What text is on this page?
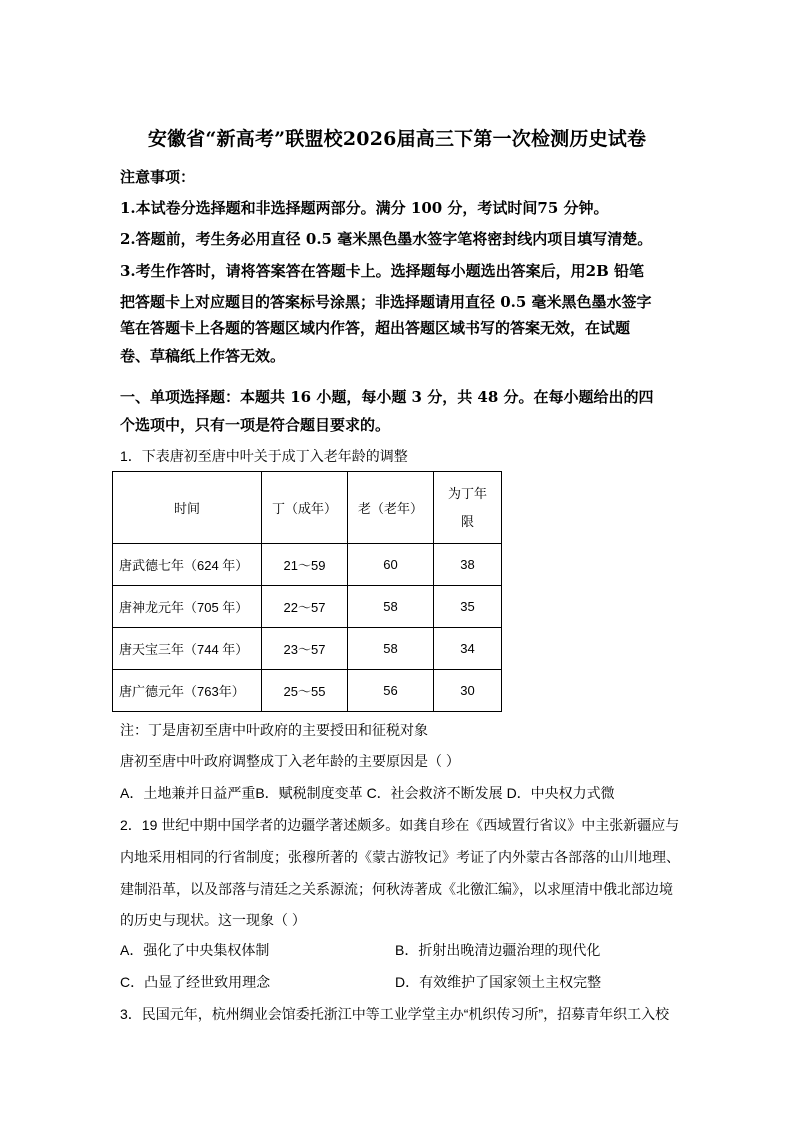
安徽省“新高考”联盟校2026届高三下第一次检测历史试卷
注意事项：
1.本试卷分选择题和非选择题两部分。满分 100 分，考试时间75 分钟。
2.答题前，考生务必用直径 0.5 毫米黑色墨水签字笔将密封线内项目填写清楚。
3.考生作答时，请将答案答在答题卡上。选择题每小题选出答案后，用2B 铅笔
把答题卡上对应题目的答案标号涂黑；非选择题请用直径 0.5 毫米黑色墨水签字
笔在答题卡上各题的答题区域内作答，超出答题区域书写的答案无效，在试题
卷、草稿纸上作答无效。
一、单项选择题：本题共 16 小题，每小题 3 分，共 48 分。在每小题给出的四
个选项中，只有一项是符合题目要求的。
1．下表唐初至唐中叶关于成丁入老年龄的调整
时间	丁（成年）	老（老年）	为丁年
限
唐武德七年（624 年）	21～59	60	38
唐神龙元年（705 年）	22～57	58	35
唐天宝三年（744 年）	23～57	58	34
唐广德元年（763年）	25～55	56	30
注：丁是唐初至唐中叶政府的主要授田和征税对象
唐初至唐中叶政府调整成丁入老年龄的主要原因是（ ）
A．土地兼并日益严重B．赋税制度变革 C．社会救济不断发展 D．中央权力式微
2．19 世纪中期中国学者的边疆学著述颇多。如龚自珍在《西域置行省议》中主张新疆应与
内地采用相同的行省制度；张穆所著的《蒙古游牧记》考证了内外蒙古各部落的山川地理、
建制沿革，以及部落与清廷之关系源流；何秋涛著成《北徼汇编》，以求厘清中俄北部边境
的历史与现状。这一现象（ ）
A．强化了中央集权体制	B．折射出晚清边疆治理的现代化
C．凸显了经世致用理念	D．有效维护了国家领土主权完整
3．民国元年，杭州绸业会馆委托浙江中等工业学堂主办“机织传习所”，招募青年织工入校
